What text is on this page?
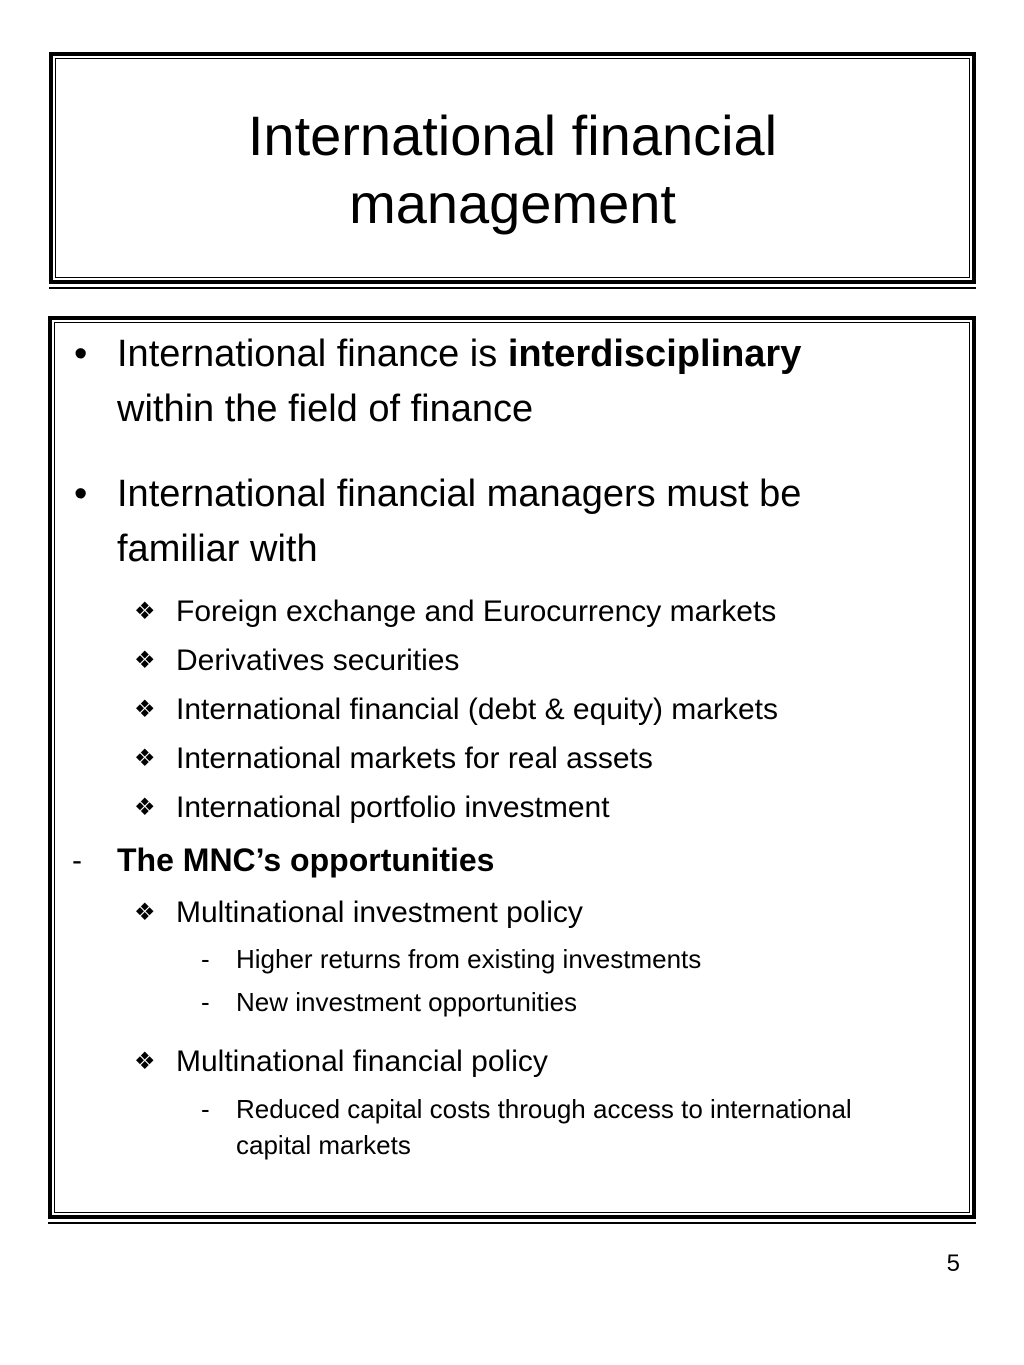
International financial
management
• International finance is interdisciplinary
within the field of finance
• International financial managers must be
familiar with
❖ Foreign exchange and Eurocurrency markets
❖ Derivatives securities
❖ International financial (debt & equity) markets
❖ International markets for real assets
❖ International portfolio investment
- The MNC’s opportunities
❖ Multinational investment policy
- Higher returns from existing investments
- New investment opportunities
❖ Multinational financial policy
- Reduced capital costs through access to international
capital markets
5
